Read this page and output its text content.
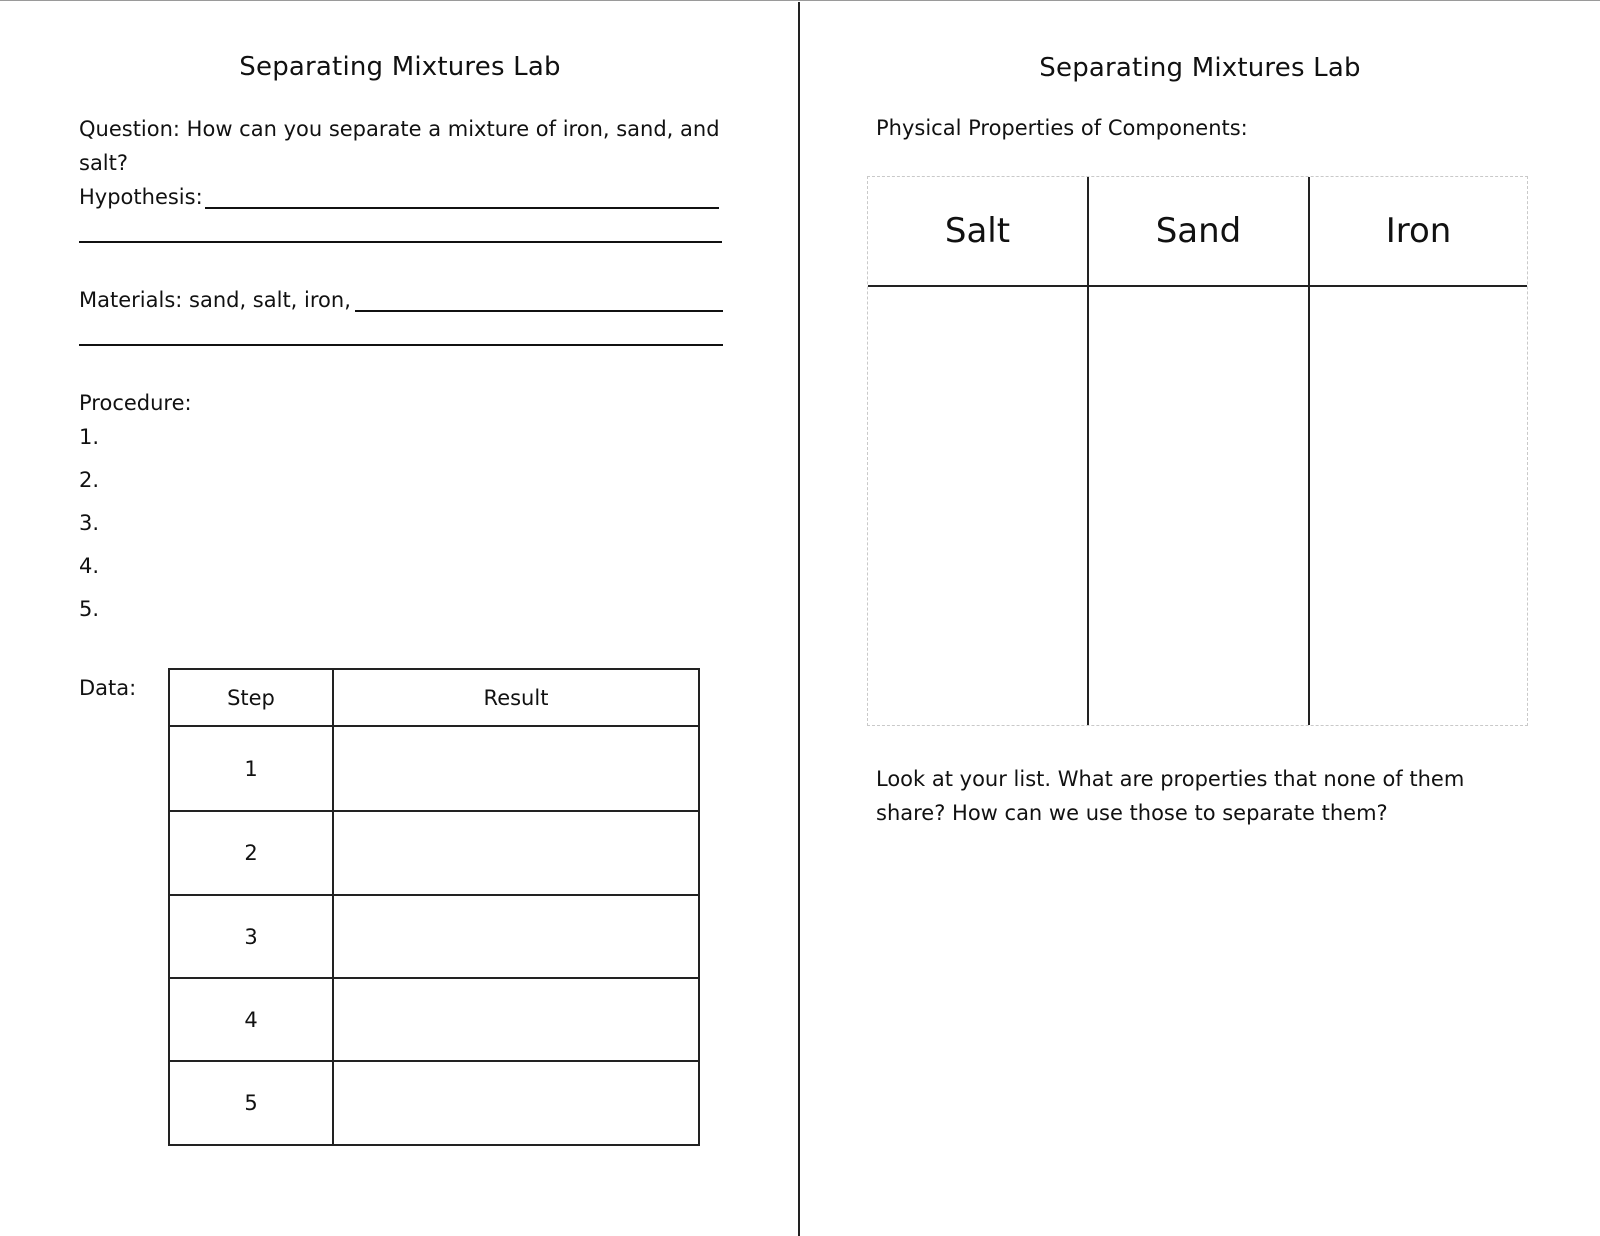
Separating Mixtures Lab
Question: How can you separate a mixture of iron, sand, and salt?
Hypothesis:
Materials: sand, salt, iron,
Procedure:
1.
2.
3.
4.
5.
Data:	Step	Result
1
2
3
4
5
Separating Mixtures Lab
Physical Properties of Components:
Salt	Sand	Iron
Look at your list. What are properties that none of them share? How can we use those to separate them?
